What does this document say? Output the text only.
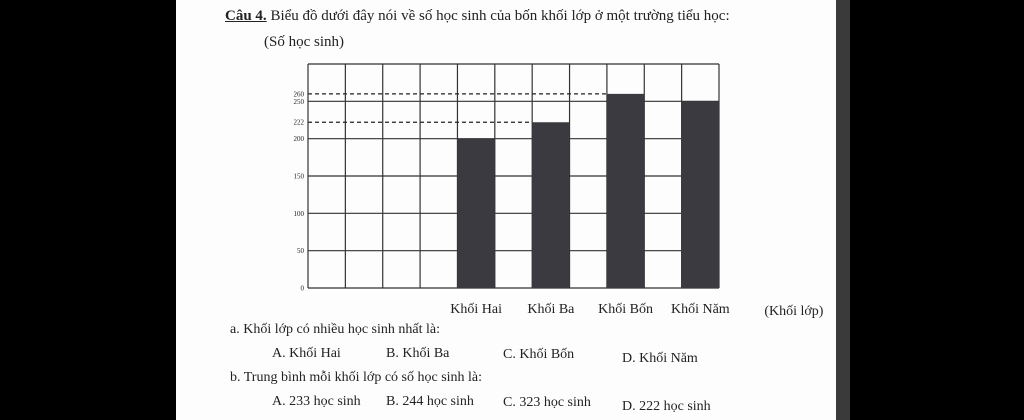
Câu 4. Biểu đồ dưới đây nói về số học sinh của bốn khối lớp ở một trường tiểu học:
(Số học sinh)
0
50
100
150
200
222
250
260
Khối Hai Khối Ba Khối Bốn Khối Năm (Khối lớp)
a. Khối lớp có nhiều học sinh nhất là:
A. Khối Hai	B. Khối Ba	C. Khối Bốn	D. Khối Năm
b. Trung bình mỗi khối lớp có số học sinh là:
A. 233 học sinh B. 244 học sinh C. 323 học sinh D. 222 học sinh
